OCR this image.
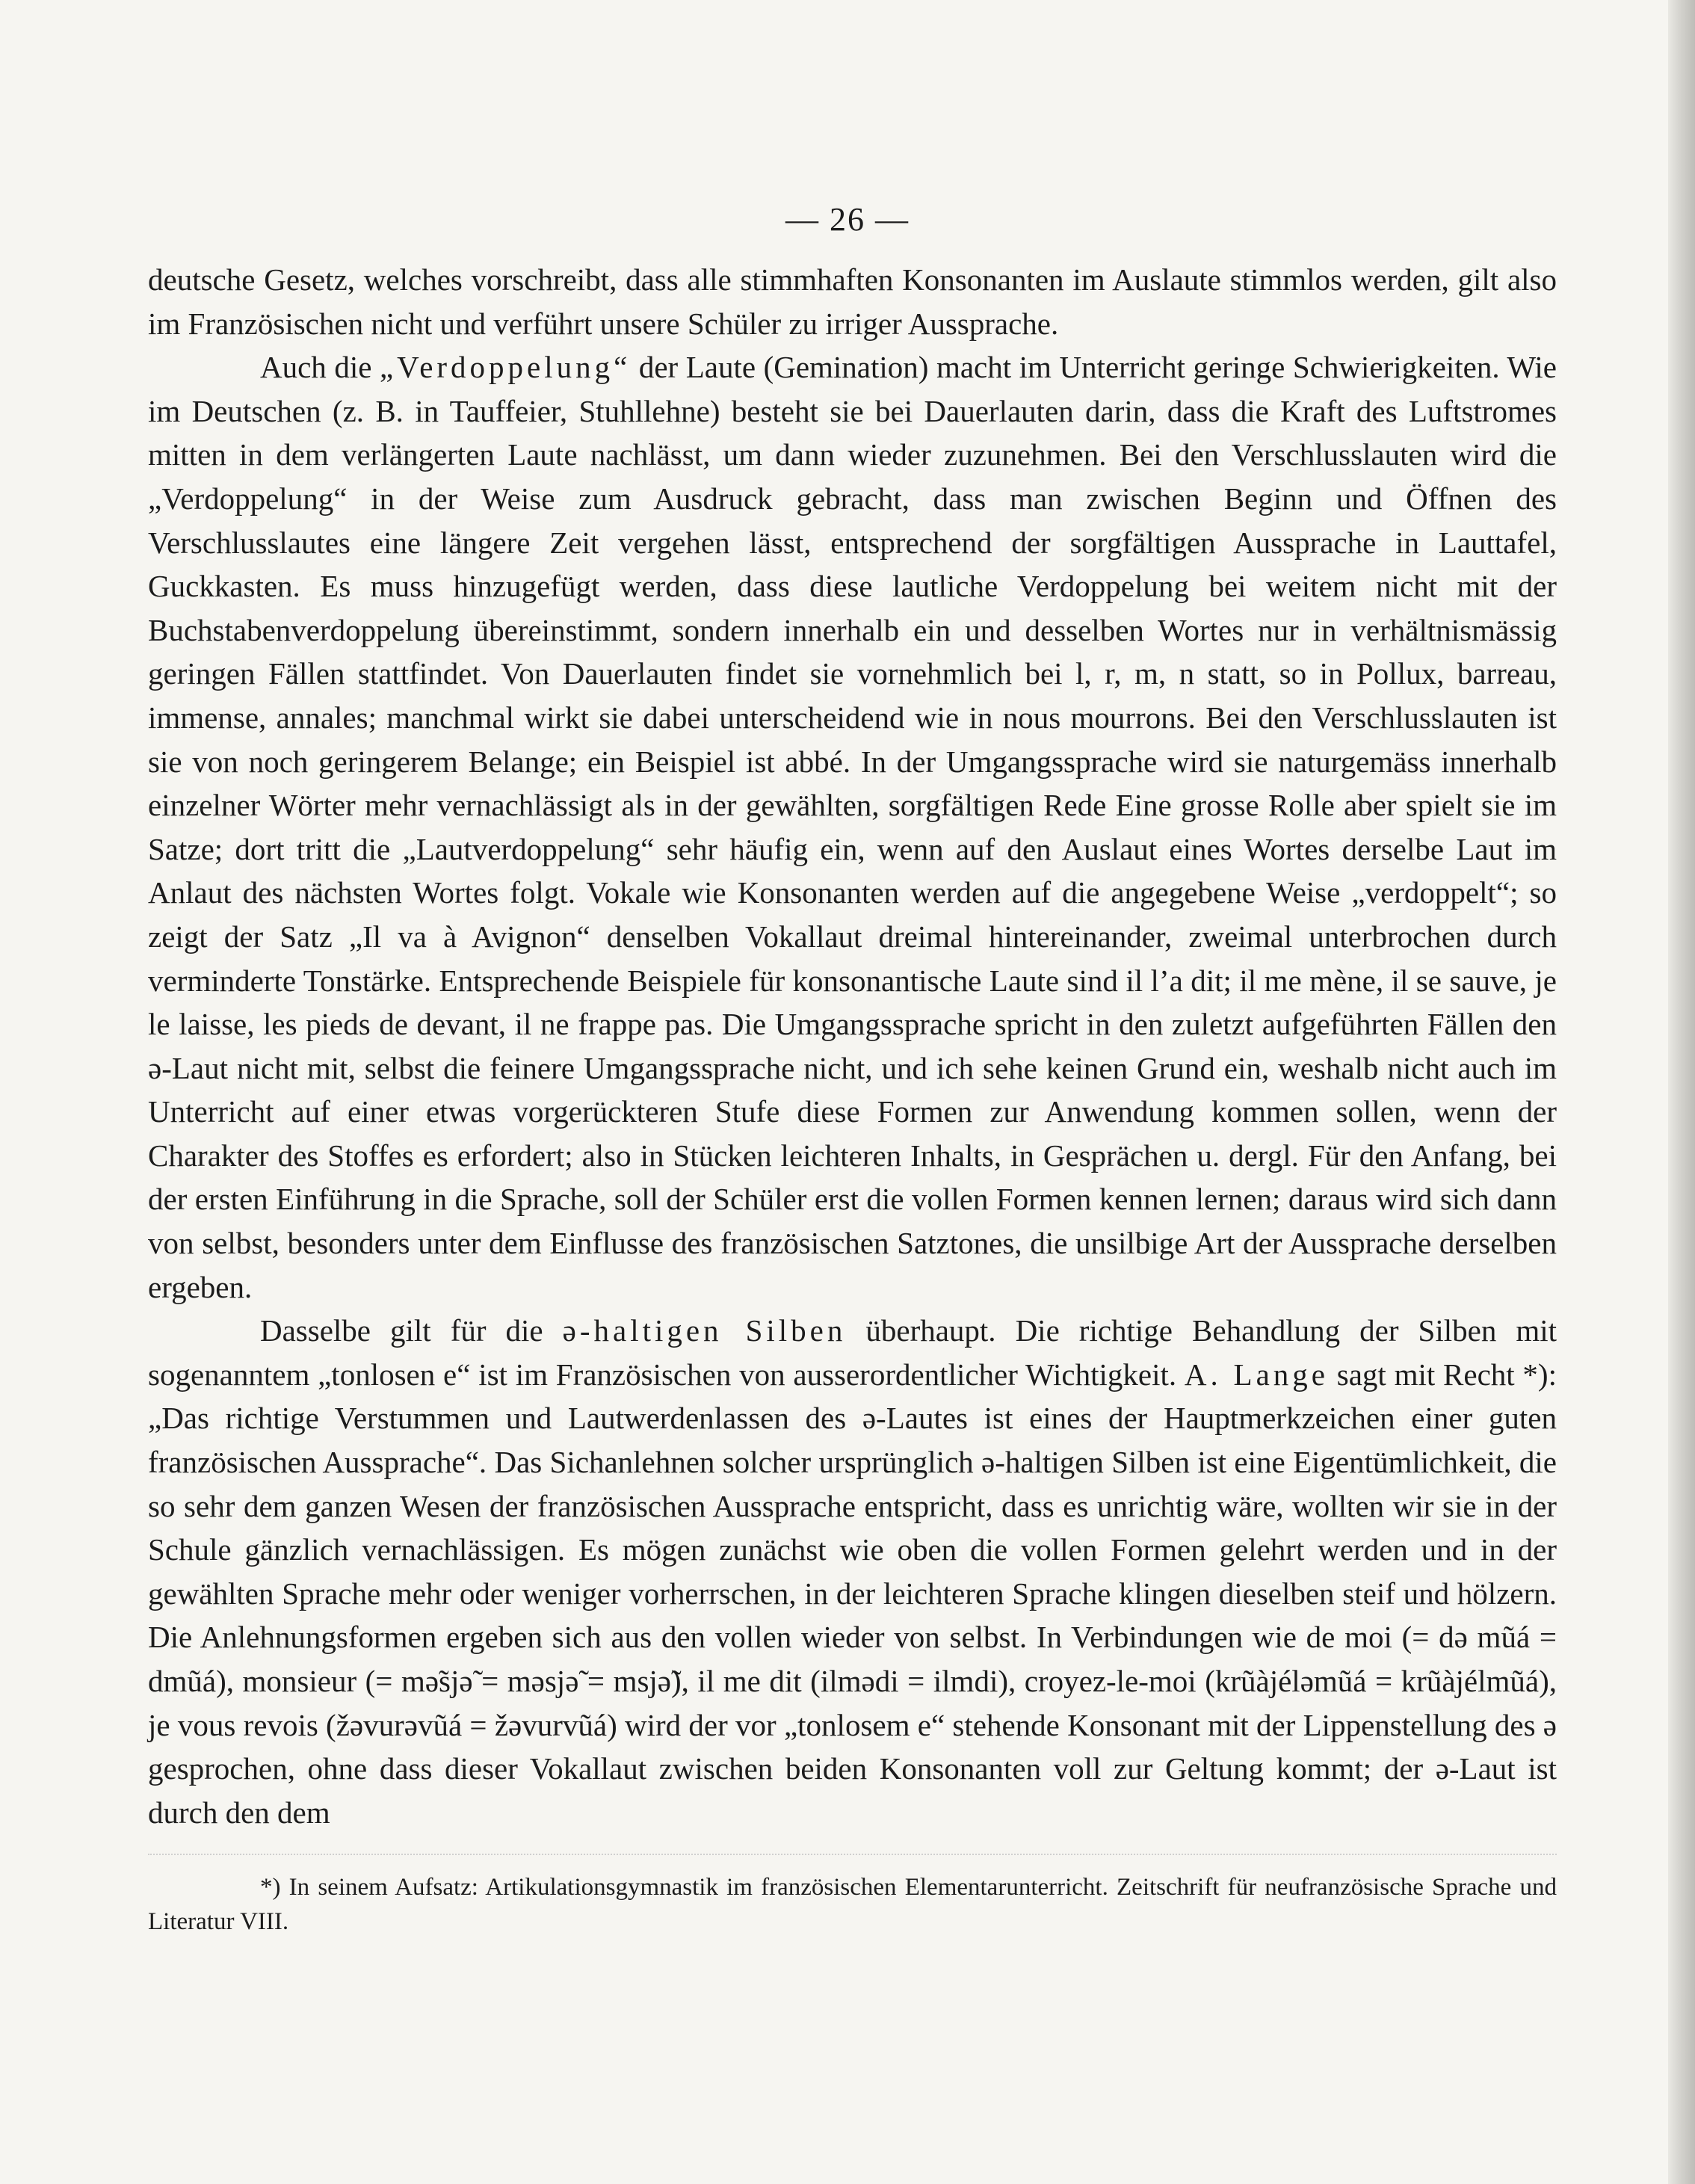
— 26 —

deutsche Gesetz, welches vorschreibt, dass alle stimmhaften Konsonanten im Auslaute stimmlos werden, gilt also im Französischen nicht und verführt unsere Schüler zu irriger Aussprache.

Auch die „Verdoppelung“ der Laute (Gemination) macht im Unterricht geringe Schwierigkeiten. Wie im Deutschen (z. B. in Tauffeier, Stuhllehne) besteht sie bei Dauerlauten darin, dass die Kraft des Luftstromes mitten in dem verlängerten Laute nachlässt, um dann wieder zuzunehmen. Bei den Verschlusslauten wird die „Verdoppelung“ in der Weise zum Ausdruck gebracht, dass man zwischen Beginn und Öffnen des Verschlusslautes eine längere Zeit vergehen lässt, entsprechend der sorgfältigen Aussprache in Lauttafel, Guckkasten. Es muss hinzugefügt werden, dass diese lautliche Verdoppelung bei weitem nicht mit der Buchstabenverdoppelung übereinstimmt, sondern innerhalb ein und desselben Wortes nur in verhältnismässig geringen Fällen stattfindet. Von Dauerlauten findet sie vornehmlich bei l, r, m, n statt, so in Pollux, barreau, immense, annales; manchmal wirkt sie dabei unterscheidend wie in nous mourrons. Bei den Verschlusslauten ist sie von noch geringerem Belange; ein Beispiel ist abbé. In der Umgangssprache wird sie naturgemäss innerhalb einzelner Wörter mehr vernachlässigt als in der gewählten, sorgfältigen Rede Eine grosse Rolle aber spielt sie im Satze; dort tritt die „Lautverdoppelung“ sehr häufig ein, wenn auf den Auslaut eines Wortes derselbe Laut im Anlaut des nächsten Wortes folgt. Vokale wie Konsonanten werden auf die angegebene Weise „verdoppelt“; so zeigt der Satz „Il va à Avignon“ denselben Vokallaut dreimal hintereinander, zweimal unterbrochen durch verminderte Tonstärke. Entsprechende Beispiele für konsonantische Laute sind il l’a dit; il me mène, il se sauve, je le laisse, les pieds de devant, il ne frappe pas. Die Umgangssprache spricht in den zuletzt aufgeführten Fällen den ə-Laut nicht mit, selbst die feinere Umgangssprache nicht, und ich sehe keinen Grund ein, weshalb nicht auch im Unterricht auf einer etwas vorgerückteren Stufe diese Formen zur Anwendung kommen sollen, wenn der Charakter des Stoffes es erfordert; also in Stücken leichteren Inhalts, in Gesprächen u. dergl. Für den Anfang, bei der ersten Einführung in die Sprache, soll der Schüler erst die vollen Formen kennen lernen; daraus wird sich dann von selbst, besonders unter dem Einflusse des französischen Satztones, die unsilbige Art der Aussprache derselben ergeben.

Dasselbe gilt für die ə-haltigen Silben überhaupt. Die richtige Behandlung der Silben mit sogenanntem „tonlosen e“ ist im Französischen von ausserordentlicher Wichtigkeit. A. Lange sagt mit Recht *): „Das richtige Verstummen und Lautwerdenlassen des ə-Lautes ist eines der Hauptmerkzeichen einer guten französischen Aussprache“. Das Sichanlehnen solcher ursprünglich ə-haltigen Silben ist eine Eigentümlichkeit, die so sehr dem ganzen Wesen der französischen Aussprache entspricht, dass es unrichtig wäre, wollten wir sie in der Schule gänzlich vernachlässigen. Es mögen zunächst wie oben die vollen Formen gelehrt werden und in der gewählten Sprache mehr oder weniger vorherrschen, in der leichteren Sprache klingen dieselben steif und hölzern. Die Anlehnungsformen ergeben sich aus den vollen wieder von selbst. In Verbindungen wie de moi (= də mũá = dmũá), monsieur (= mə̃sjə̃ = məsjə̃ = msjə̃), il me dit (ilmədi = ilmdi), croyez-le-moi (krũàjéləmũá = krũàjélmũá), je vous revois (žəvurəvũá = žəvurvũá) wird der vor „tonlosem e“ stehende Konsonant mit der Lippenstellung des ə gesprochen, ohne dass dieser Vokallaut zwischen beiden Konsonanten voll zur Geltung kommt; der ə-Laut ist durch den dem

*) In seinem Aufsatz: Artikulationsgymnastik im französischen Elementarunterricht. Zeitschrift für neufranzösische Sprache und Literatur VIII.
